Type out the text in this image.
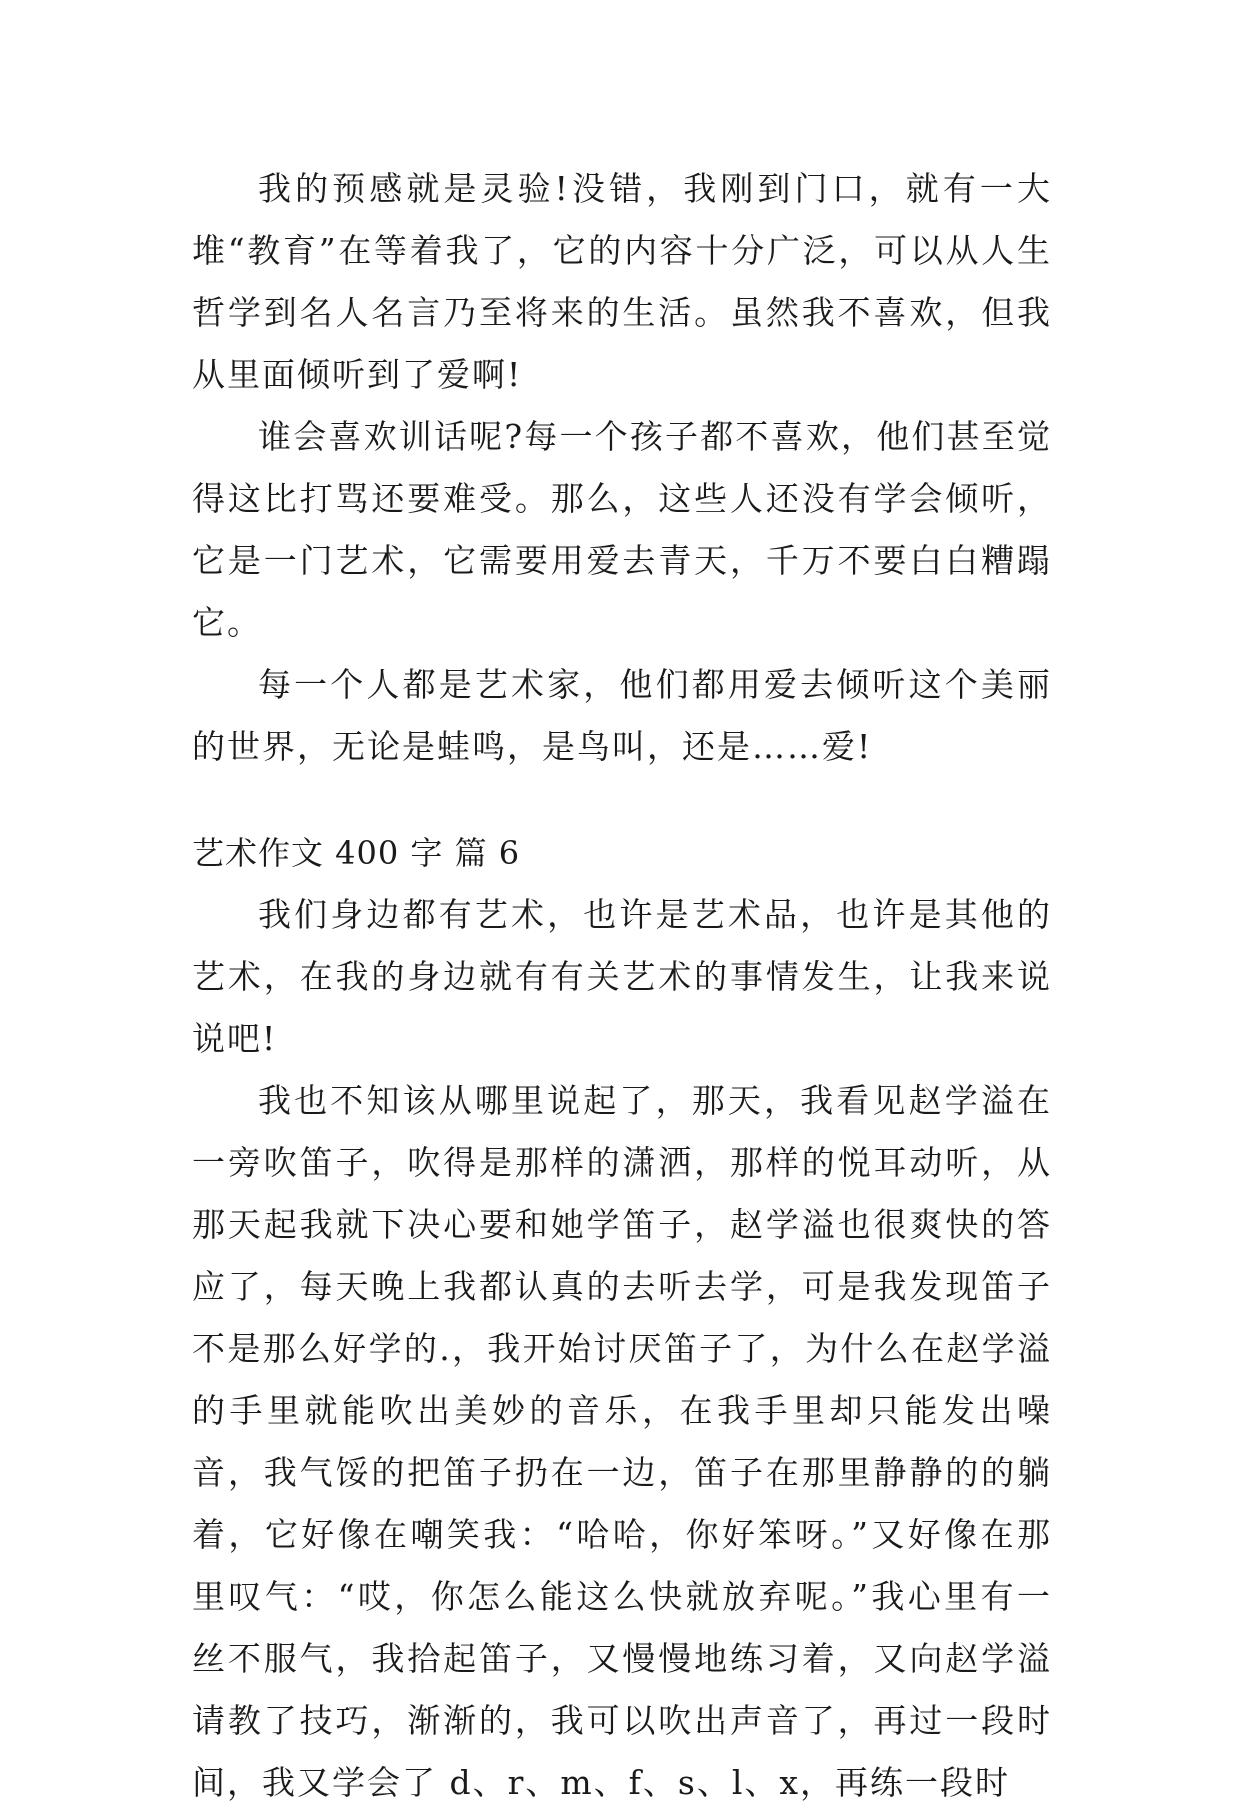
我的预感就是灵验!没错，我刚到门口，就有一大堆“教育”在等着我了，它的内容十分广泛，可以从人生哲学到名人名言乃至将来的生活。虽然我不喜欢，但我从里面倾听到了爱啊!

谁会喜欢训话呢?每一个孩子都不喜欢，他们甚至觉得这比打骂还要难受。那么，这些人还没有学会倾听，它是一门艺术，它需要用爱去青天，千万不要白白糟蹋它。

每一个人都是艺术家，他们都用爱去倾听这个美丽的世界，无论是蛙鸣，是鸟叫，还是……爱!

艺术作文 400 字 篇 6

我们身边都有艺术，也许是艺术品，也许是其他的艺术，在我的身边就有有关艺术的事情发生，让我来说说吧!

我也不知该从哪里说起了，那天，我看见赵学溢在一旁吹笛子，吹得是那样的潇洒，那样的悦耳动听，从那天起我就下决心要和她学笛子，赵学溢也很爽快的答应了，每天晚上我都认真的去听去学，可是我发现笛子不是那么好学的.，我开始讨厌笛子了，为什么在赵学溢的手里就能吹出美妙的音乐，在我手里却只能发出噪音，我气馁的把笛子扔在一边，笛子在那里静静的的躺着，它好像在嘲笑我：“哈哈，你好笨呀。”又好像在那里叹气：“哎，你怎么能这么快就放弃呢。”我心里有一丝不服气，我拾起笛子，又慢慢地练习着，又向赵学溢请教了技巧，渐渐的，我可以吹出声音了，再过一段时间，我又学会了 d、r、m、f、s、l、x，再练一段时
